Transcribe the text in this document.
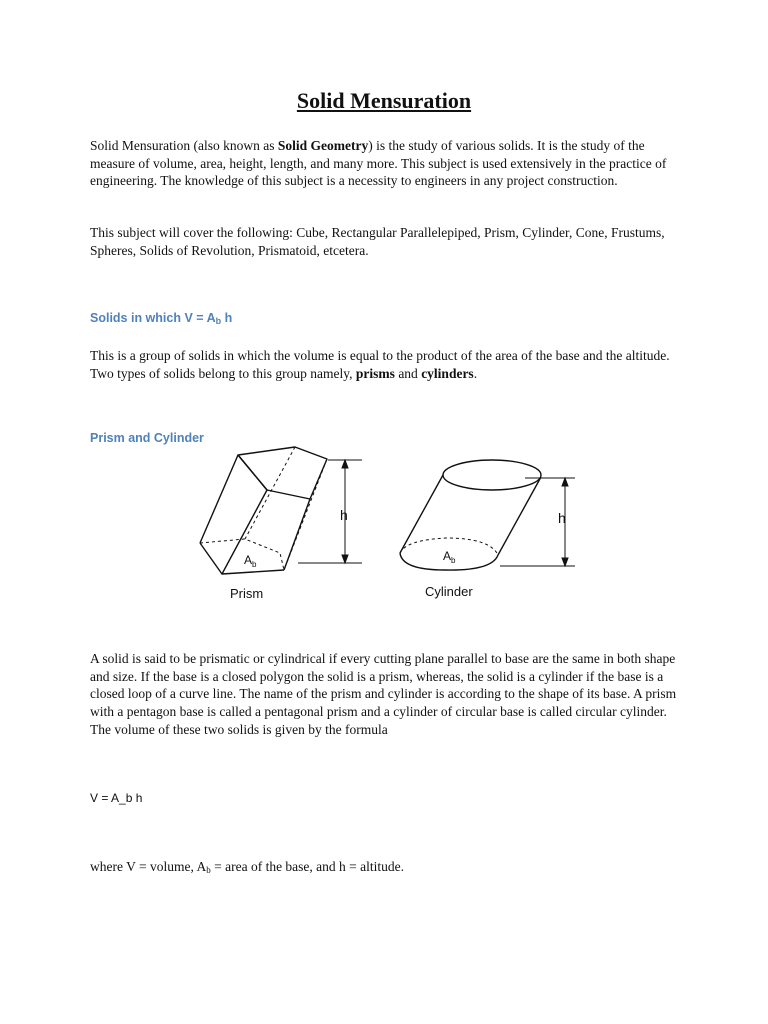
Solid Mensuration

Solid Mensuration (also known as Solid Geometry) is the study of various solids. It is the study of the measure of volume, area, height, length, and many more. This subject is used extensively in the practice of engineering. The knowledge of this subject is a necessity to engineers in any project construction.

This subject will cover the following: Cube, Rectangular Parallelepiped, Prism, Cylinder, Cone, Frustums, Spheres, Solids of Revolution, Prismatoid, etcetera.

Solids in which $V = A_b$ h

This is a group of solids in which the volume is equal to the product of the area of the base and the altitude. Two types of solids belong to this group namely, prisms and cylinders.

Prism and Cylinder

h
$A_b$
Prism
h
$A_b$
Cylinder

A solid is said to be prismatic or cylindrical if every cutting plane parallel to base are the same in both shape and size. If the base is a closed polygon the solid is a prism, whereas, the solid is a cylinder if the base is a closed loop of a curve line. The name of the prism and cylinder is according to the shape of its base. A prism with a pentagon base is called a pentagonal prism and a cylinder of circular base is called circular cylinder. The volume of these two solids is given by the formula

V = A_b h

where V = volume, $A_b$ = area of the base, and h = altitude.
